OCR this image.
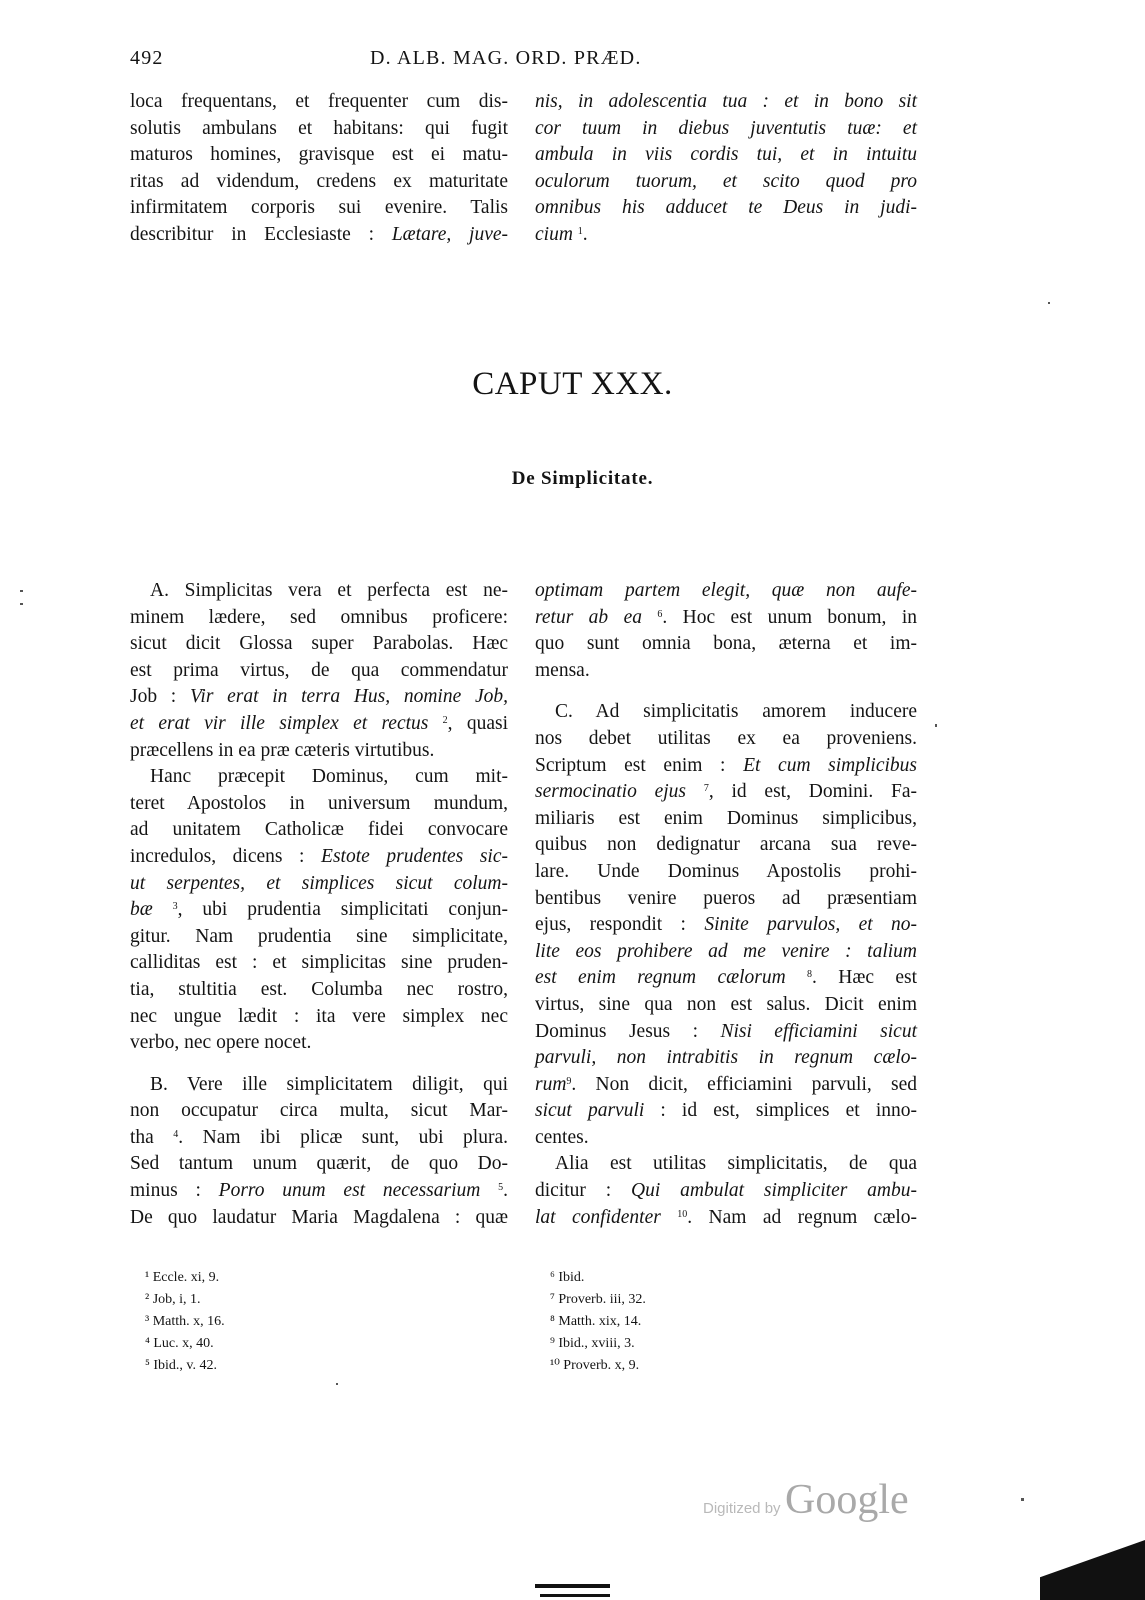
492	D. ALB. MAG. ORD. PRÆD.
loca frequentans, et frequenter cum dis-
solutis ambulans et habitans: qui fugit
maturos homines, gravisque est ei matu-
ritas ad videndum, credens ex maturitate
infirmitatem corporis sui evenire. Talis
describitur in Ecclesiaste : Lætare, juve-
nis, in adolescentia tua : et in bono sit
cor tuum in diebus juventutis tuæ: et
ambula in viis cordis tui, et in intuitu
oculorum tuorum, et scito quod pro
omnibus his adducet te Deus in judi-
cium $^1$.
CAPUT XXX.
De Simplicitate.
A. Simplicitas vera et perfecta est ne-
minem lædere, sed omnibus proficere:
sicut dicit Glossa super Parabolas. Hæc
est prima virtus, de qua commendatur
Job : Vir erat in terra Hus, nomine Job,
et erat vir ille simplex et rectus $^2$, quasi
præcellens in ea præ cæteris virtutibus.
Hanc præcepit Dominus, cum mit-
teret Apostolos in universum mundum,
ad unitatem Catholicæ fidei convocare
incredulos, dicens : Estote prudentes sic-
ut serpentes, et simplices sicut colum-
bæ $^3$, ubi prudentia simplicitati conjun-
gitur. Nam prudentia sine simplicitate,
calliditas est : et simplicitas sine pruden-
tia, stultitia est. Columba nec rostro,
nec ungue lædit : ita vere simplex nec
verbo, nec opere nocet.
B. Vere ille simplicitatem diligit, qui
non occupatur circa multa, sicut Mar-
tha $^4$. Nam ibi plicæ sunt, ubi plura.
Sed tantum unum quærit, de quo Do-
minus : Porro unum est necessarium $^5$.
De quo laudatur Maria Magdalena : quæ
optimam partem elegit, quæ non aufe-
retur ab ea $^6$. Hoc est unum bonum, in
quo sunt omnia bona, æterna et im-
mensa.
C. Ad simplicitatis amorem inducere
nos debet utilitas ex ea proveniens.
Scriptum est enim : Et cum simplicibus
sermocinatio ejus $^7$, id est, Domini. Fa-
miliaris est enim Dominus simplicibus,
quibus non dedignatur arcana sua reve-
lare. Unde Dominus Apostolis prohi-
bentibus venire pueros ad præsentiam
ejus, respondit : Sinite parvulos, et no-
lite eos prohibere ad me venire : talium
est enim regnum cælorum $^8$. Hæc est
virtus, sine qua non est salus. Dicit enim
Dominus Jesus : Nisi efficiamini sicut
parvuli, non intrabitis in regnum cælo-
rum$^9$. Non dicit, efficiamini parvuli, sed
sicut parvuli : id est, simplices et inno-
centes.
Alia est utilitas simplicitatis, de qua
dicitur : Qui ambulat simpliciter ambu-
lat confidenter $^{10}$. Nam ad regnum cælo-
¹ Eccle. xi, 9.
² Job, i, 1.
³ Matth. x, 16.
⁴ Luc. x, 40.
⁵ Ibid., v. 42.
⁶ Ibid.
⁷ Proverb. iii, 32.
⁸ Matth. xix, 14.
⁹ Ibid., xviii, 3.
¹⁰ Proverb. x, 9.
Digitized by Google
